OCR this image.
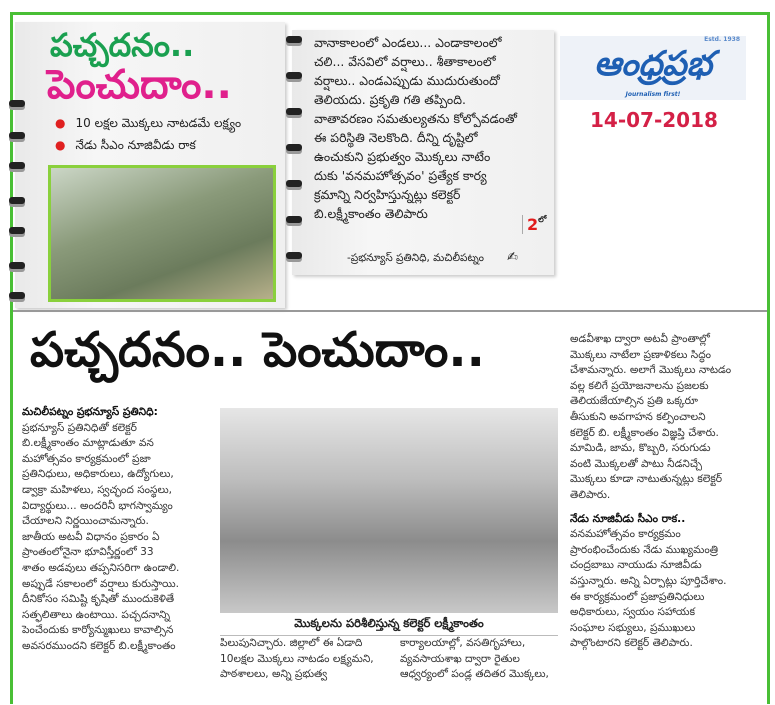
పచ్చదనం..
పెంచుదాం..
● 10 లక్షల మొక్కలు నాటడమే లక్ష్యం
● నేడు సీఎం నూజివీడు రాక
వానాకాలంలో ఎండలు... ఎండాకాలంలో
చలి... వేసవిలో వర్షాలు.. శీతాకాలంలో
వర్షాలు.. ఎండఎప్పుడు ముదురుతుందో
తెలియదు. ప్రకృతి గతి తప్పింది.
వాతావరణం సమతుల్యతను కోల్పోవడంతో
ఈ పరిస్థితి నెలకొంది. దీన్ని దృష్టిలో
ఉంచుకుని ప్రభుత్వం మొక్కలు నాటేం
దుకు 'వనమహోత్సవం' ప్రత్యేక కార్య
క్రమాన్ని నిర్వహిస్తున్నట్లు కలెక్టర్
బి.లక్ష్మీకాంతం తెలిపారు
$2^{లో}$
-ప్రభన్యూస్ ప్రతినిధి, మచిలీపట్నం ✍
Estd. 1938
ఆంధ్రప్రభ
Journalism first!
14-07-2018
పచ్చదనం.. పెంచుదాం..
మచిలీపట్నం ప్రభన్యూస్ ప్రతినిధి:
ప్రభన్యూస్ ప్రతినిధితో కలెక్టర్
బి.లక్ష్మీకాంతం మాట్లాడుతూ వన
మహోత్సవం కార్యక్రమంలో ప్రజా
ప్రతినిధులు, అధికారులు, ఉద్యోగులు,
డ్వాక్రా మహిళలు, స్వచ్ఛంద సంస్థలు,
విద్యార్థులు... అందరినీ భాగస్వామ్యం
చేయాలని నిర్ణయించామన్నారు.
జాతీయ అటవీ విధానం ప్రకారం ఏ
ప్రాంతంలోనైనా భూవిస్తీర్ణంలో 33
శాతం అడవులు తప్పనిసరిగా ఉండాలి.
అప్పుడే సకాలంలో వర్షాలు కురుస్తాయి.
దీనికోసం సమిష్టి కృషితో ముందుకెళితే
సత్ఫలితాలు ఉంటాయి. పచ్చదనాన్ని
పెంచేందుకు కార్యోన్ముఖులు కావాల్సిన
అవసరముందని కలెక్టర్ బి.లక్ష్మీకాంతం
మొక్కలను పరిశీలిస్తున్న కలెక్టర్ లక్ష్మీకాంతం
పిలుపునిచ్చారు. జిల్లాలో ఈ ఏడాది
10లక్షల మొక్కలు నాటడం లక్ష్యమని,
పాఠశాలలు, అన్ని ప్రభుత్వ
కార్యాలయాల్లో, వసతిగృహాలు,
వ్యవసాయశాఖ ద్వారా రైతుల
ఆధ్వర్యంలో పండ్ల తదితర మొక్కలు,
అడవీశాఖ ద్వారా అటవీ ప్రాంతాల్లో
మొక్కలు నాటేలా ప్రణాళికలు సిద్ధం
చేశామన్నారు. అలాగే మొక్కలు నాటడం
వల్ల కలిగే ప్రయోజనాలను ప్రజలకు
తెలియజేయాల్సిన ప్రతి ఒక్కరూ
తీసుకుని అవగాహన కల్పించాలని
కలెక్టర్ బి. లక్ష్మీకాంతం విజ్ఞప్తి చేశారు.
మామిడి, జామ, కొబ్బరి, సరుగుడు
వంటి మొక్కలతో పాటు నీడనిచ్చే
మొక్కలు కూడా నాటుతున్నట్లు కలెక్టర్
తెలిపారు.
నేడు నూజివీడు సీఎం రాక..
వనమహోత్సవం కార్యక్రమం
ప్రారంభించేందుకు నేడు ముఖ్యమంత్రి
చంద్రబాబు నాయుడు నూజివీడు
వస్తున్నారు. అన్ని ఏర్పాట్లు పూర్తిచేశాం.
ఈ కార్యక్రమంలో ప్రజాప్రతినిధులు
అధికారులు, స్వయం సహాయక
సంఘాల సభ్యులు, ప్రముఖులు
పాల్గొంటారని కలెక్టర్ తెలిపారు.
